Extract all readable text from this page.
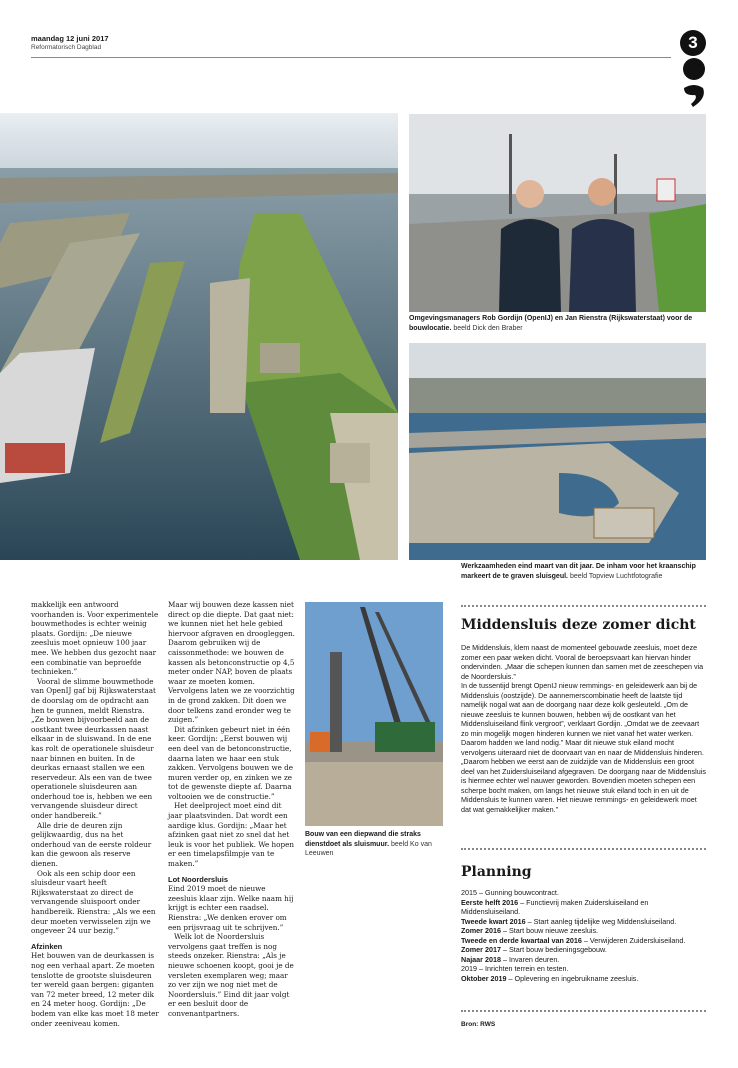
maandag 12 juni 2017
Reformatorisch Dagblad	3
Omgevingsmanagers Rob Gordijn (OpenIJ) en Jan Rienstra (Rijkswaterstaat) voor de bouwlocatie. beeld Dick den Braber
Werkzaamheden eind maart van dit jaar. De inham voor het kraanschip markeert de te graven sluisgeul. beeld Topview Luchtfotografie

makkelijk een antwoord voorhanden is. Voor experimentele bouwmethodes is echter weinig plaats. Gordijn: „De nieuwe zeesluis moet opnieuw 100 jaar mee. We hebben dus gezocht naar een combinatie van beproefde technieken.”

Vooral de slimme bouwmethode van OpenIJ gaf bij Rijkswaterstaat de doorslag om de opdracht aan hen te gunnen, meldt Rienstra. „Ze bouwen bijvoorbeeld aan de oostkant twee deurkassen naast elkaar in de sluiswand. In de ene kas rolt de operationele sluisdeur naar binnen en buiten. In de deurkas ernaast stallen we een reservedeur. Als een van de twee operationele sluisdeuren aan onderhoud toe is, hebben we een vervangende sluisdeur direct onder handbereik.”

Alle drie de deuren zijn gelijkwaardig, dus na het onderhoud van de eerste roldeur kan die gewoon als reserve dienen.

Ook als een schip door een sluisdeur vaart heeft Rijkswaterstaat zo direct de vervangende sluispoort onder handbereik. Rienstra: „Als we een deur moeten verwisselen zijn we ongeveer 24 uur bezig.”

Afzinken

Het bouwen van de deurkassen is nog een verhaal apart. Ze moeten tenslotte de grootste sluisdeuren ter wereld gaan bergen: giganten van 72 meter breed, 12 meter dik en 24 meter hoog. Gordijn: „De bodem van elke kas moet 18 meter onder zeeniveau komen.

Maar wij bouwen deze kassen niet direct op die diepte. Dat gaat niet: we kunnen niet het hele gebied hiervoor afgraven en droogleggen. Daarom gebruiken wij de caissonmethode: we bouwen de kassen als betonconstructie op 4,5 meter onder NAP, boven de plaats waar ze moeten komen. Vervolgens laten we ze voorzichtig in de grond zakken. Dit doen we door telkens zand eronder weg te zuigen.”

Dit afzinken gebeurt niet in één keer. Gordijn: „Eerst bouwen wij een deel van de betonconstructie, daarna laten we haar een stuk zakken. Vervolgens bouwen we de muren verder op, en zinken we ze tot de gewenste diepte af. Daarna voltooien we de constructie.”

Het deelproject moet eind dit jaar plaatsvinden. Dat wordt een aardige klus. Gordijn: „Maar het afzinken gaat niet zo snel dat het leuk is voor het publiek. We hopen er een timelapsfilmpje van te maken.”

Lot Noordersluis

Eind 2019 moet de nieuwe zeesluis klaar zijn. Welke naam hij krijgt is echter een raadsel. Rienstra: „We denken erover om een prijsvraag uit te schrijven.”

Welk lot de Noordersluis vervolgens gaat treffen is nog steeds onzeker. Rienstra: „Als je nieuwe schoenen koopt, gooi je de versleten exemplaren weg; maar zo ver zijn we nog niet met de Noordersluis.” Eind dit jaar volgt er een besluit door de convenantpartners.

Bouw van een diepwand die straks dienstdoet als sluismuur. beeld Ko van Leeuwen
Middensluis deze zomer dicht

De Middensluis, klem naast de momenteel gebouwde zeesluis, moet deze zomer een paar weken dicht. Vooral de beroepsvaart kan hiervan hinder ondervinden. „Maar die schepen kunnen dan samen met de zeeschepen via de Noordersluis.”

In de tussentijd brengt OpenIJ nieuw remmings- en geleidewerk aan bij de Middensluis (oostzijde). De aannemerscombinatie heeft de laatste tijd namelijk nogal wat aan de doorgang naar deze kolk gesleuteld. „Om de nieuwe zeesluis te kunnen bouwen, hebben wij de oostkant van het Middensluiseiland flink vergroot”, verklaart Gordijn. „Omdat we de zeevaart zo min mogelijk mogen hinderen kunnen we niet vanaf het water werken. Daarom hadden we land nodig.” Maar dit nieuwe stuk eiland mocht vervolgens uiteraard niet de doorvaart van en naar de Middensluis hinderen. „Daarom hebben we eerst aan de zuidzijde van de Middensluis een groot deel van het Zuidersluiseiland afgegraven. De doorgang naar de Middensluis is hiermee echter wel nauwer geworden. Bovendien moeten schepen een scherpe bocht maken, om langs het nieuwe stuk eiland toch in en uit de Middensluis te kunnen varen. Het nieuwe remmings- en geleidewerk moet dat wat gemakkelijker maken.”

Planning
2015 – Gunning bouwcontract.
Eerste helft 2016 – Functievrij maken Zuidersluiseiland en Middensluiseiland.
Tweede kwart 2016 – Start aanleg tijdelijke weg Middensluiseiland.
Zomer 2016 – Start bouw nieuwe zeesluis.
Tweede en derde kwartaal van 2016 – Verwijderen Zuidersluiseiland.
Zomer 2017 – Start bouw bedieningsgebouw.
Najaar 2018 – Invaren deuren.
2019 – Inrichten terrein en testen.
Oktober 2019 – Oplevering en ingebruikname zeesluis.
Bron: RWS
